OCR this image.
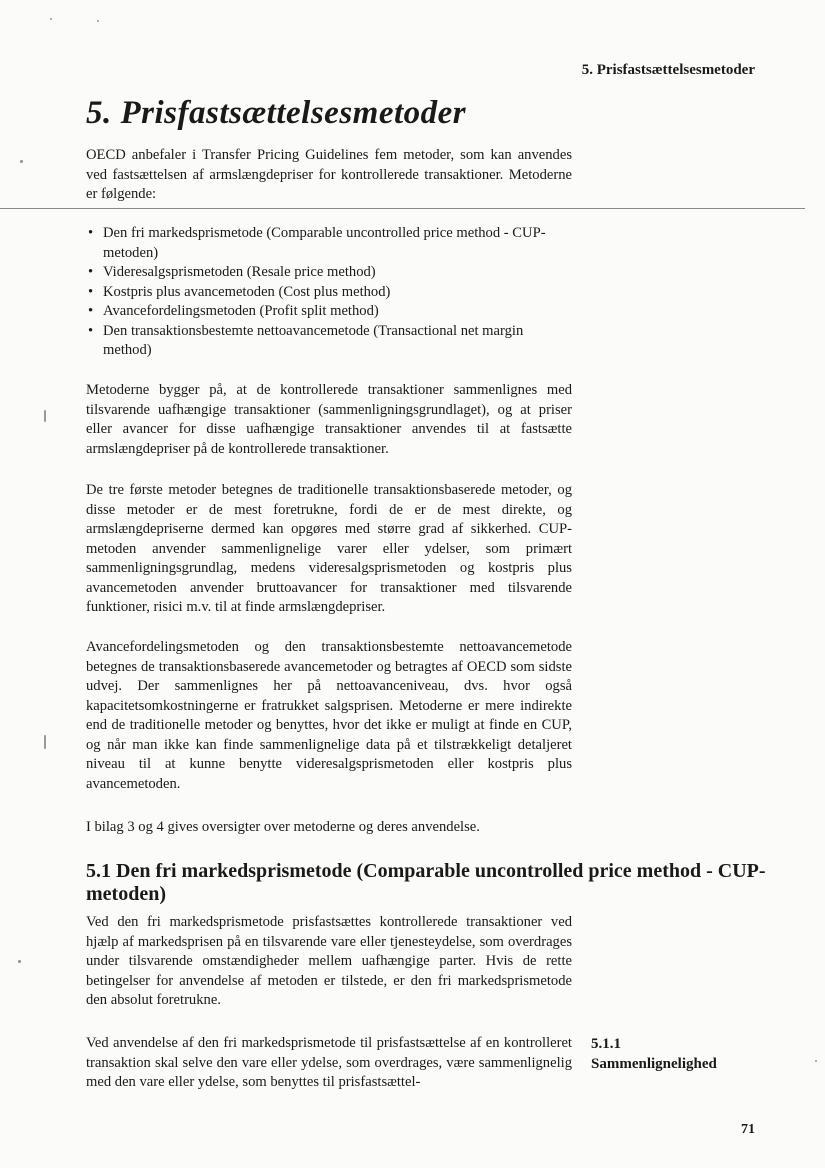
5. Prisfastsættelsesmetoder
5. Prisfastsættelsesmetoder

OECD anbefaler i Transfer Pricing Guidelines fem metoder, som kan anvendes ved fastsættelsen af armslængdepriser for kontrollerede transaktioner. Metoderne er følgende:

• Den fri markedsprismetode (Comparable uncontrolled price method - CUP-metoden)
• Videresalgsprismetoden (Resale price method)
• Kostpris plus avancemetoden (Cost plus method)
• Avancefordelingsmetoden (Profit split method)
• Den transaktionsbestemte nettoavancemetode (Transactional net margin method)

Metoderne bygger på, at de kontrollerede transaktioner sammenlignes med tilsvarende uafhængige transaktioner (sammenligningsgrundlaget), og at priser eller avancer for disse uafhængige transaktioner anvendes til at fastsætte armslængdepriser på de kontrollerede transaktioner.

De tre første metoder betegnes de traditionelle transaktionsbaserede metoder, og disse metoder er de mest foretrukne, fordi de er de mest direkte, og armslængdepriserne dermed kan opgøres med større grad af sikkerhed. CUP-metoden anvender sammenlignelige varer eller ydelser, som primært sammenligningsgrundlag, medens videresalgsprismetoden og kostpris plus avancemetoden anvender bruttoavancer for transaktioner med tilsvarende funktioner, risici m.v. til at finde armslængdepriser.

Avancefordelingsmetoden og den transaktionsbestemte nettoavancemetode betegnes de transaktionsbaserede avancemetoder og betragtes af OECD som sidste udvej. Der sammenlignes her på nettoavanceniveau, dvs. hvor også kapacitetsomkostningerne er fratrukket salgsprisen. Metoderne er mere indirekte end de traditionelle metoder og benyttes, hvor det ikke er muligt at finde en CUP, og når man ikke kan finde sammenlignelige data på et tilstrækkeligt detaljeret niveau til at kunne benytte videresalgsprismetoden eller kostpris plus avancemetoden.

I bilag 3 og 4 gives oversigter over metoderne og deres anvendelse.

5.1 Den fri markedsprismetode (Comparable uncontrolled price method - CUP-metoden)

Ved den fri markedsprismetode prisfastsættes kontrollerede transaktioner ved hjælp af markedsprisen på en tilsvarende vare eller tjenesteydelse, som overdrages under tilsvarende omstændigheder mellem uafhængige parter. Hvis de rette betingelser for anvendelse af metoden er tilstede, er den fri markedsprismetode den absolut foretrukne.

Ved anvendelse af den fri markedsprismetode til prisfastsættelse af en kontrolleret transaktion skal selve den vare eller ydelse, som overdrages, være sammenlignelig med den vare eller ydelse, som benyttes til prisfastsættel-

5.1.1
Sammenlignelighed
71
